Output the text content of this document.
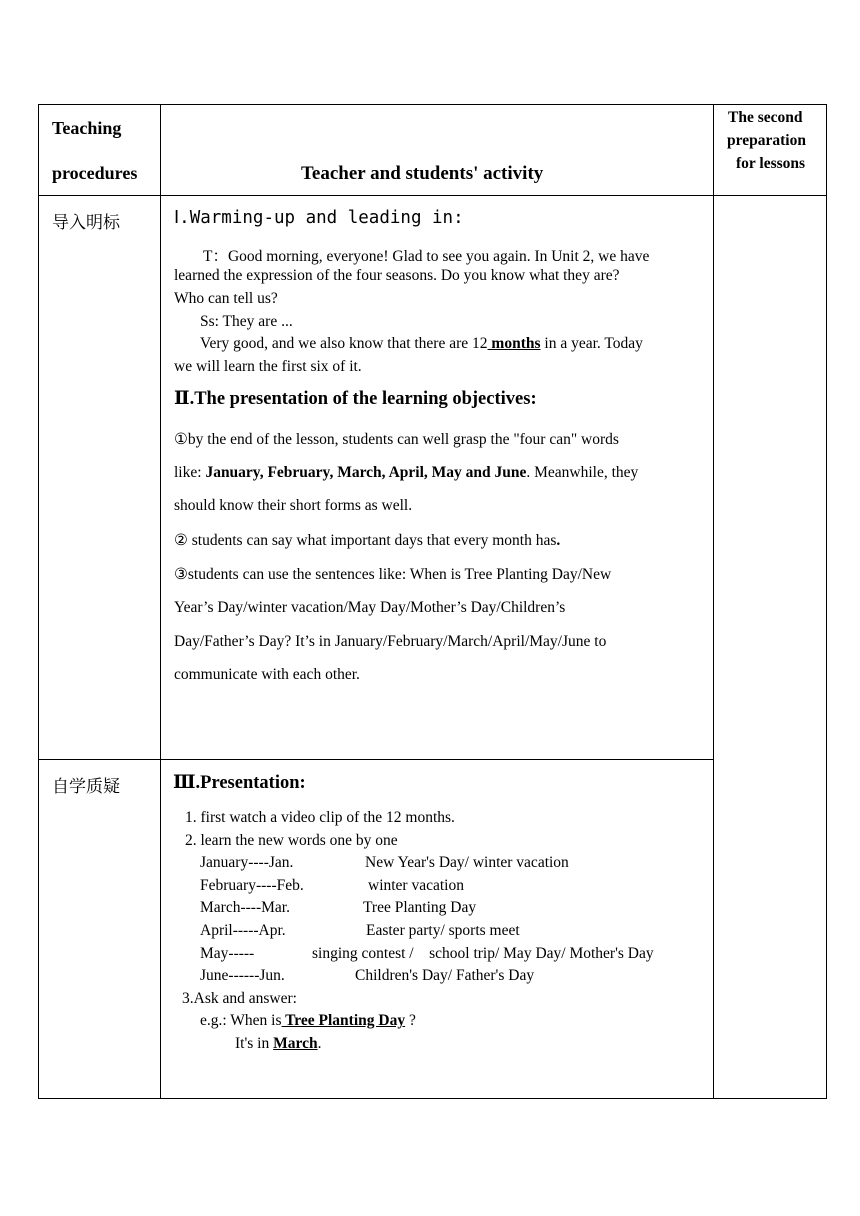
Teaching
procedures	Teacher and students' activity
The second
preparation
for lessons
导入明标	Ⅰ.Warming-up and leading in:
T：Good morning, everyone! Glad to see you again. In Unit 2, we have
learned the expression of the four seasons. Do you know what they are?
Who can tell us?
Ss: They are ...
Very good, and we also know that there are 12 months in a year. Today
we will learn the first six of it.
Ⅱ.The presentation of the learning objectives:
①by the end of the lesson, students can well grasp the "four can" words
like: January, February, March, April, May and June. Meanwhile, they
should know their short forms as well.
② students can say what important days that every month has.
③students can use the sentences like: When is Tree Planting Day/New
Year’s Day/winter vacation/May Day/Mother’s Day/Children’s
Day/Father’s Day? It’s in January/February/March/April/May/June to
communicate with each other.
自学质疑	Ⅲ.Presentation:
1. first watch a video clip of the 12 months.
2. learn the new words one by one
January----Jan.	New Year's Day/ winter vacation
February----Feb.	winter vacation
March----Mar.	Tree Planting Day
April-----Apr.	Easter party/ sports meet
May-----	singing contest /    school trip/ May Day/ Mother's Day
June------Jun.	Children's Day/ Father's Day
3.Ask and answer:
e.g.: When is Tree Planting Day ?
It's in March.
